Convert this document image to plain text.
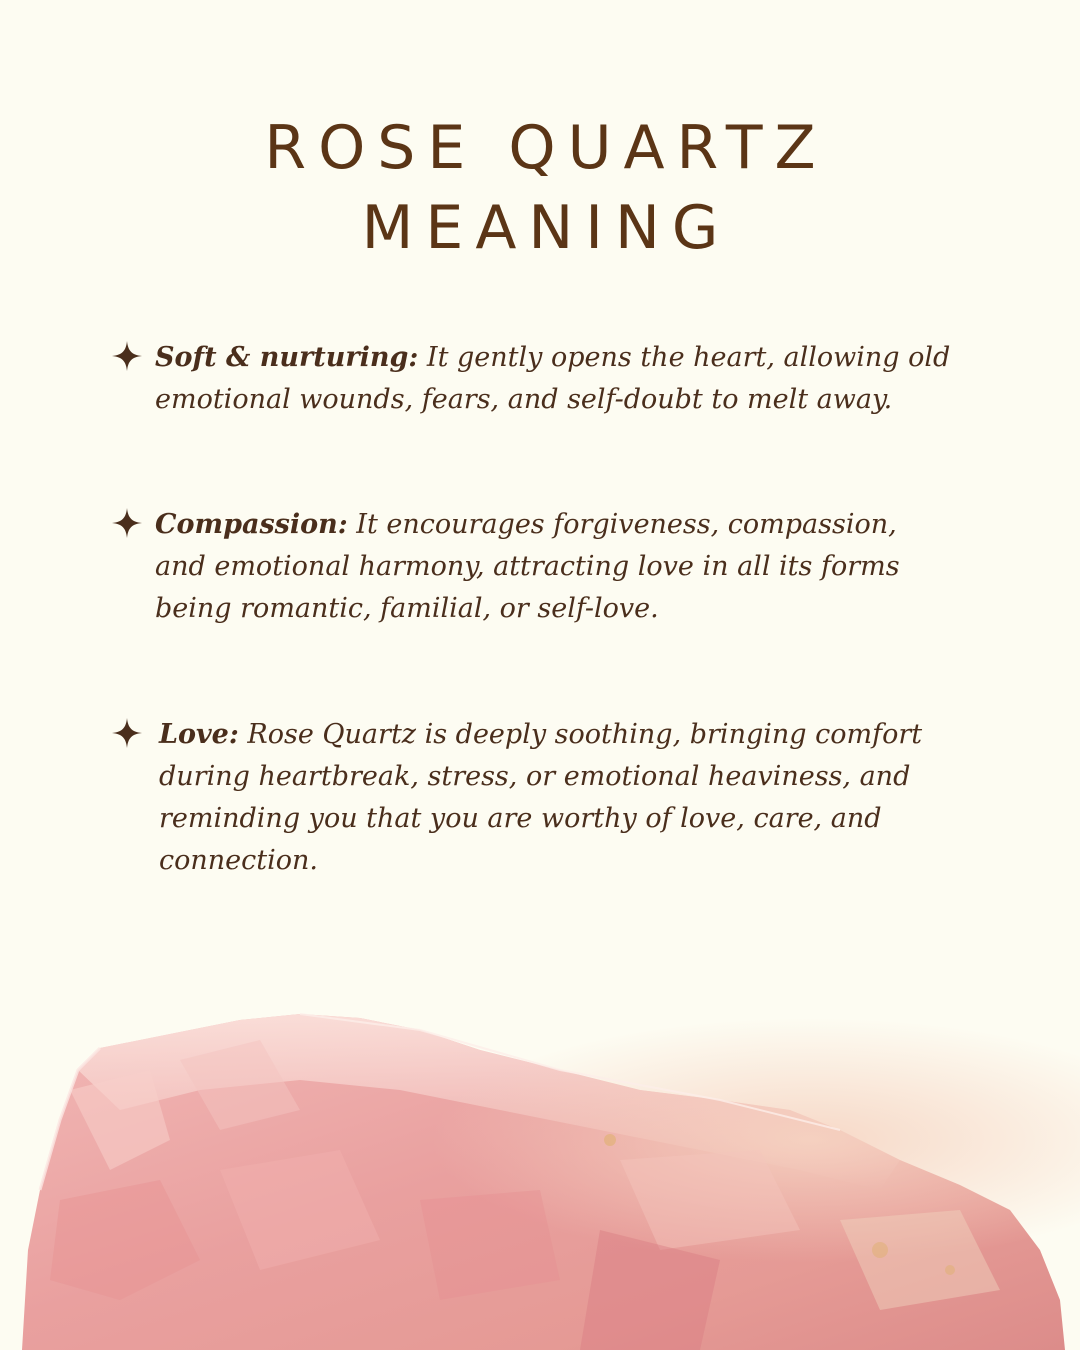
ROSE QUARTZ
MEANING
Soft & nurturing: It gently opens the heart, allowing old emotional wounds, fears, and self-doubt to melt away.
Compassion: It encourages forgiveness, compassion, and emotional harmony, attracting love in all its forms being romantic, familial, or self-love.
Love: Rose Quartz is deeply soothing, bringing comfort during heartbreak, stress, or emotional heaviness, and reminding you that you are worthy of love, care, and connection.
